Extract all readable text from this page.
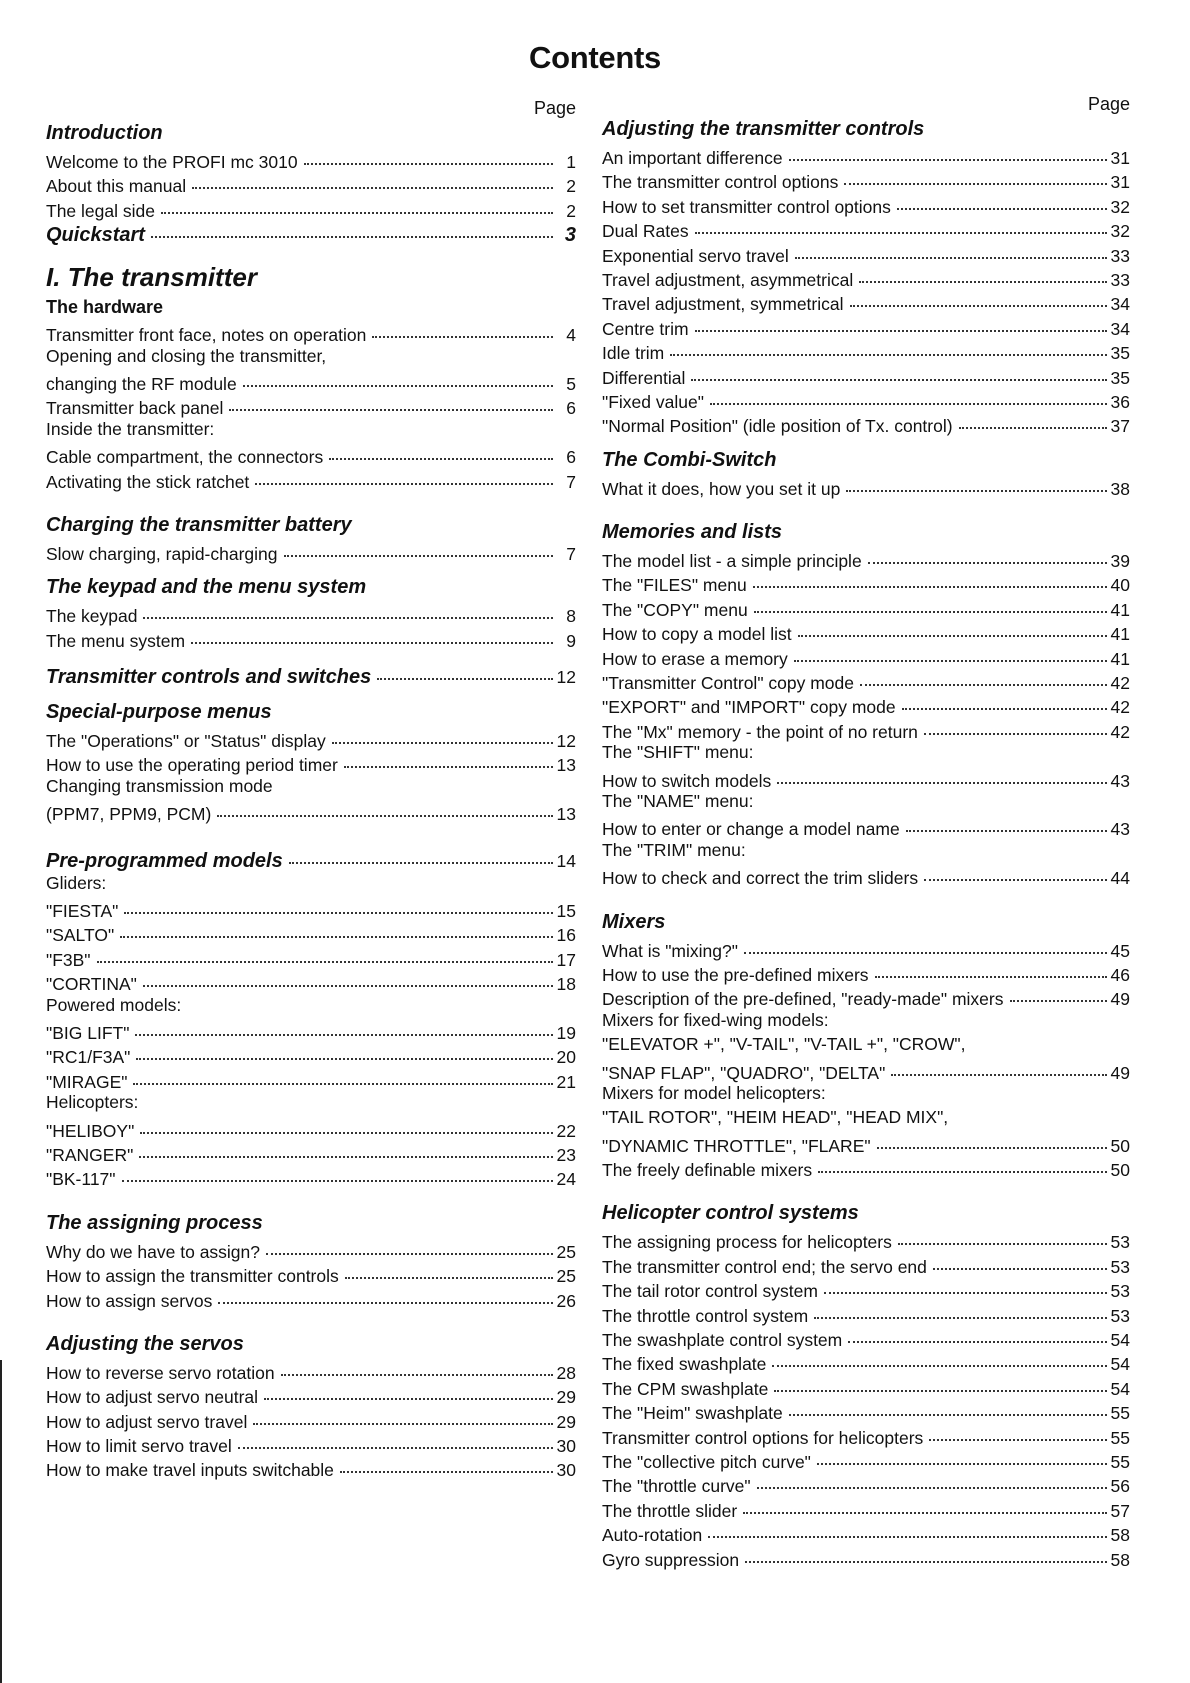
Contents
Page
Introduction
Welcome to the PROFI mc 3010	1
About this manual	2
The legal side	2
Quickstart	3
I. The transmitter
The hardware
Transmitter front face, notes on operation	4
Opening and closing the transmitter,
changing the RF module	5
Transmitter back panel	6
Inside the transmitter:
Cable compartment, the connectors	6
Activating the stick ratchet	7
Charging the transmitter battery
Slow charging, rapid-charging	7
The keypad and the menu system
The keypad	8
The menu system	9
Transmitter controls and switches	12
Special-purpose menus
The "Operations" or "Status" display	12
How to use the operating period timer	13
Changing transmission mode
(PPM7, PPM9, PCM)	13
Pre-programmed models	14
Gliders:
"FIESTA"	15
"SALTO"	16
"F3B"	17
"CORTINA"	18
Powered models:
"BIG LIFT"	19
"RC1/F3A"	20
"MIRAGE"	21
Helicopters:
"HELIBOY"	22
"RANGER"	23
"BK-117"	24
The assigning process
Why do we have to assign?	25
How to assign the transmitter controls	25
How to assign servos	26
Adjusting the servos
How to reverse servo rotation	28
How to adjust servo neutral	29
How to adjust servo travel	29
How to limit servo travel	30
How to make travel inputs switchable	30
Page
Adjusting the transmitter controls
An important difference	31
The transmitter control options	31
How to set transmitter control options	32
Dual Rates	32
Exponential servo travel	33
Travel adjustment, asymmetrical	33
Travel adjustment, symmetrical	34
Centre trim	34
Idle trim	35
Differential	35
"Fixed value"	36
"Normal Position" (idle position of Tx. control)	37
The Combi-Switch
What it does, how you set it up	38
Memories and lists
The model list - a simple principle	39
The "FILES" menu	40
The "COPY" menu	41
How to copy a model list	41
How to erase a memory	41
"Transmitter Control" copy mode	42
"EXPORT" and "IMPORT" copy mode	42
The "Mx" memory - the point of no return	42
The "SHIFT" menu:
How to switch models	43
The "NAME" menu:
How to enter or change a model name	43
The "TRIM" menu:
How to check and correct the trim sliders	44
Mixers
What is "mixing?"	45
How to use the pre-defined mixers	46
Description of the pre-defined, "ready-made" mixers	49
Mixers for fixed-wing models:
"ELEVATOR +", "V-TAIL", "V-TAIL +", "CROW",
"SNAP FLAP", "QUADRO", "DELTA"	49
Mixers for model helicopters:
"TAIL ROTOR", "HEIM HEAD", "HEAD MIX",
"DYNAMIC THROTTLE", "FLARE"	50
The freely definable mixers	50
Helicopter control systems
The assigning process for helicopters	53
The transmitter control end; the servo end	53
The tail rotor control system	53
The throttle control system	53
The swashplate control system	54
The fixed swashplate	54
The CPM swashplate	54
The "Heim" swashplate	55
Transmitter control options for helicopters	55
The "collective pitch curve"	55
The "throttle curve"	56
The throttle slider	57
Auto-rotation	58
Gyro suppression	58
